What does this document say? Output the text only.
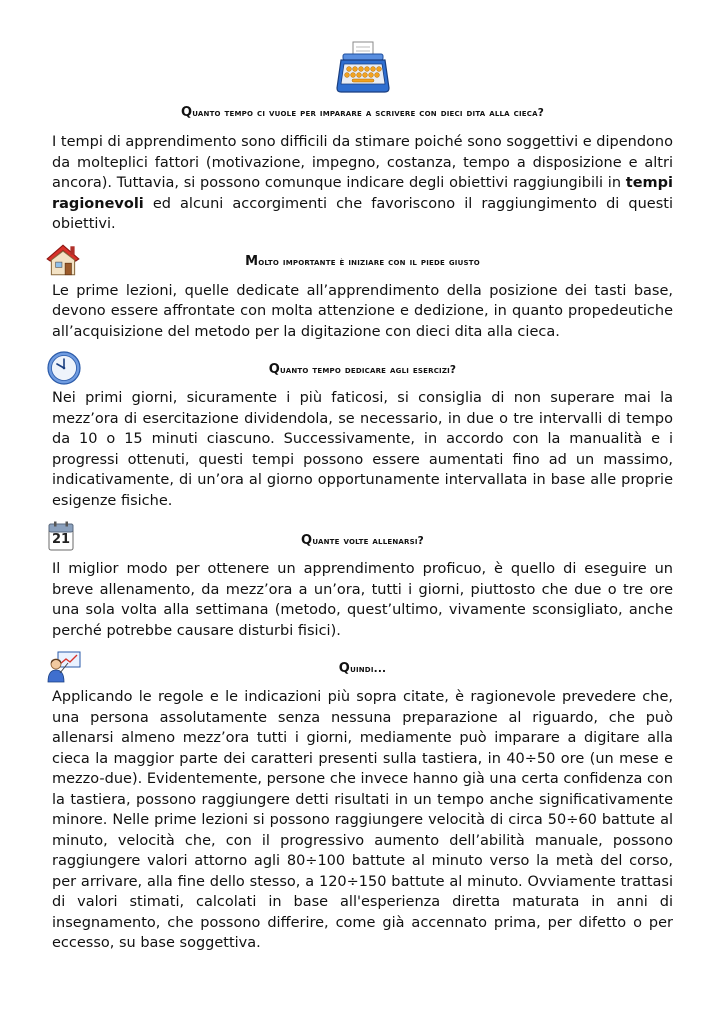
Quanto tempo ci vuole per imparare a scrivere con dieci dita alla cieca?

I tempi di apprendimento sono difficili da stimare poiché sono soggettivi e dipendono da molteplici fattori (motivazione, impegno, costanza, tempo a disposizione e altri ancora). Tuttavia, si possono comunque indicare degli obiettivi raggiungibili in tempi ragionevoli ed alcuni accorgimenti che favoriscono il raggiungimento di questi obiettivi.

Molto importante è iniziare con il piede giusto

Le prime lezioni, quelle dedicate all’apprendimento della posizione dei tasti base, devono essere affrontate con molta attenzione e dedizione, in quanto propedeutiche all’acquisizione del metodo per la digitazione con dieci dita alla cieca.

Quanto tempo dedicare agli esercizi?

Nei primi giorni, sicuramente i più faticosi, si consiglia di non superare mai la mezz’ora di esercitazione dividendola, se necessario, in due o tre intervalli di tempo da 10 o 15 minuti ciascuno. Successivamente, in accordo con la manualità e i progressi ottenuti, questi tempi possono essere aumentati fino ad un massimo, indicativamente, di un’ora al giorno opportunamente intervallata in base alle proprie esigenze fisiche.

21	Quante volte allenarsi?

Il miglior modo per ottenere un apprendimento proficuo, è quello di eseguire un breve allenamento, da mezz’ora a un’ora, tutti i giorni, piuttosto che due o tre ore una sola volta alla settimana (metodo, quest’ultimo, vivamente sconsigliato, anche perché potrebbe causare disturbi fisici).

Quindi...

Applicando le regole e le indicazioni più sopra citate, è ragionevole prevedere che, una persona assolutamente senza nessuna preparazione al riguardo, che può allenarsi almeno mezz’ora tutti i giorni, mediamente può imparare a digitare alla cieca la maggior parte dei caratteri presenti sulla tastiera, in 40÷50 ore (un mese e mezzo-due). Evidentemente, persone che invece hanno già una certa confidenza con la tastiera, possono raggiungere detti risultati in un tempo anche significativamente minore. Nelle prime lezioni si possono raggiungere velocità di circa 50÷60 battute al minuto, velocità che, con il progressivo aumento dell’abilità manuale, possono raggiungere valori attorno agli 80÷100 battute al minuto verso la metà del corso, per arrivare, alla fine dello stesso, a 120÷150 battute al minuto. Ovviamente trattasi di valori stimati, calcolati in base all'esperienza diretta maturata in anni di insegnamento, che possono differire, come già accennato prima, per difetto o per eccesso, su base soggettiva.
